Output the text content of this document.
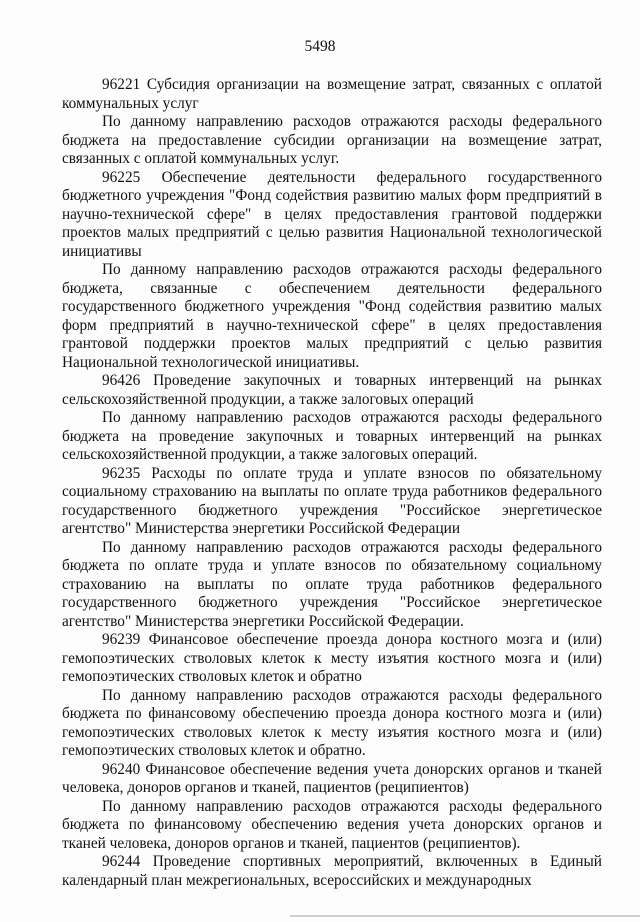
5498

96221 Субсидия организации на возмещение затрат, связанных с оплатой коммунальных услуг

По данному направлению расходов отражаются расходы федерального бюджета на предоставление субсидии организации на возмещение затрат, связанных с оплатой коммунальных услуг.

96225 Обеспечение деятельности федерального государственного бюджетного учреждения "Фонд содействия развитию малых форм предприятий в научно-технической сфере" в целях предоставления грантовой поддержки проектов малых предприятий с целью развития Национальной технологической инициативы

По данному направлению расходов отражаются расходы федерального бюджета, связанные с обеспечением деятельности федерального государственного бюджетного учреждения "Фонд содействия развитию малых форм предприятий в научно-технической сфере" в целях предоставления грантовой поддержки проектов малых предприятий с целью развития Национальной технологической инициативы.

96426 Проведение закупочных и товарных интервенций на рынках сельскохозяйственной продукции, а также залоговых операций

По данному направлению расходов отражаются расходы федерального бюджета на проведение закупочных и товарных интервенций на рынках сельскохозяйственной продукции, а также залоговых операций.

96235 Расходы по оплате труда и уплате взносов по обязательному социальному страхованию на выплаты по оплате труда работников федерального государственного бюджетного учреждения "Российское энергетическое агентство" Министерства энергетики Российской Федерации

По данному направлению расходов отражаются расходы федерального бюджета по оплате труда и уплате взносов по обязательному социальному страхованию на выплаты по оплате труда работников федерального государственного бюджетного учреждения "Российское энергетическое агентство" Министерства энергетики Российской Федерации.

96239 Финансовое обеспечение проезда донора костного мозга и (или) гемопоэтических стволовых клеток к месту изъятия костного мозга и (или) гемопоэтических стволовых клеток и обратно

По данному направлению расходов отражаются расходы федерального бюджета по финансовому обеспечению проезда донора костного мозга и (или) гемопоэтических стволовых клеток к месту изъятия костного мозга и (или) гемопоэтических стволовых клеток и обратно.

96240 Финансовое обеспечение ведения учета донорских органов и тканей человека, доноров органов и тканей, пациентов (реципиентов)

По данному направлению расходов отражаются расходы федерального бюджета по финансовому обеспечению ведения учета донорских органов и тканей человека, доноров органов и тканей, пациентов (реципиентов).

96244 Проведение спортивных мероприятий, включенных в Единый календарный план межрегиональных, всероссийских и международных
